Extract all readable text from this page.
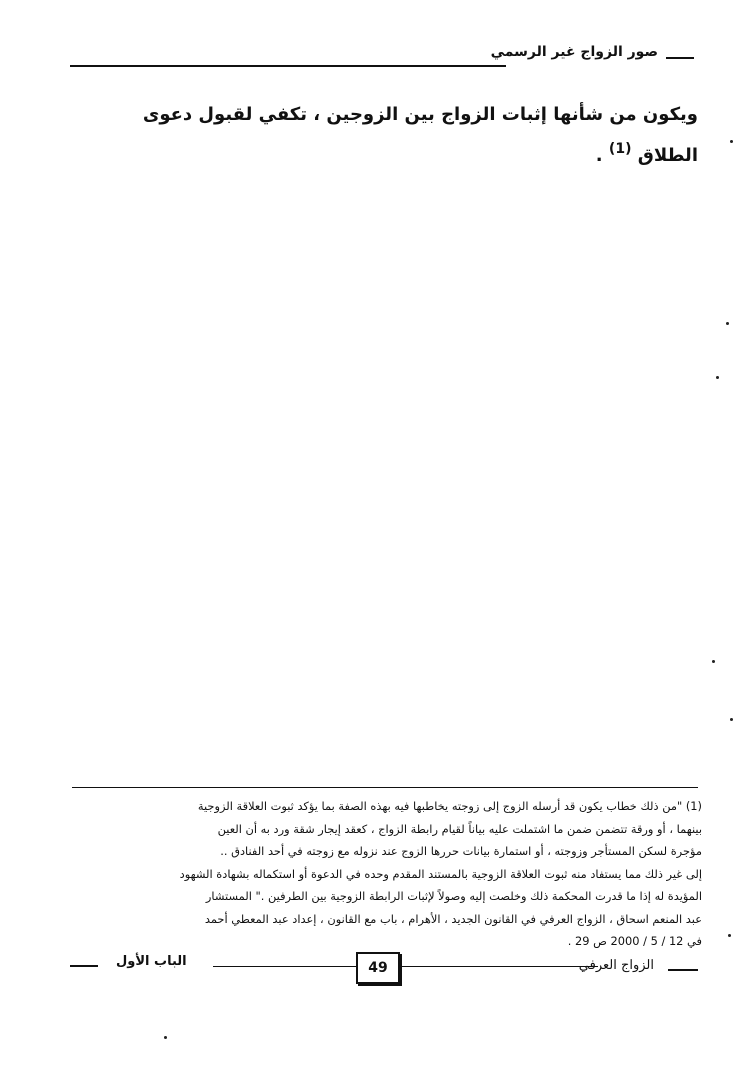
صور الزواج غير الرسمي
ويكون من شأنها إثبات الزواج بين الزوجين ، تكفي لقبول دعوى الطلاق $^{(1)}$ .

(1) "من ذلك خطاب يكون قد أرسله الزوج إلى زوجته يخاطبها فيه بهذه الصفة بما يؤكد ثبوت العلاقة الزوجية

بينهما ، أو ورقة تتضمن ضمن ما اشتملت عليه بياناً لقيام رابطة الزواج ، كعقد إيجار شقة ورد به أن العين

مؤجرة لسكن المستأجر وزوجته ، أو استمارة بيانات حررها الزوج عند نزوله مع زوجته في أحد الفنادق ..

إلى غير ذلك مما يستفاد منه ثبوت العلاقة الزوجية بالمستند المقدم وحده في الدعوة أو استكماله بشهادة الشهود

المؤيدة له إذا ما قدرت المحكمة ذلك وخلصت إليه وصولاً لإثبات الرابطة الزوجية بين الطرفين ." المستشار

عبد المنعم اسحاق ، الزواج العرفي في القانون الجديد ، الأهرام ، باب مع القانون ، إعداد عبد المعطي أحمد

في 12 / 5 / 2000 ص 29 .

الباب الأول	49	الزواج العرفي
